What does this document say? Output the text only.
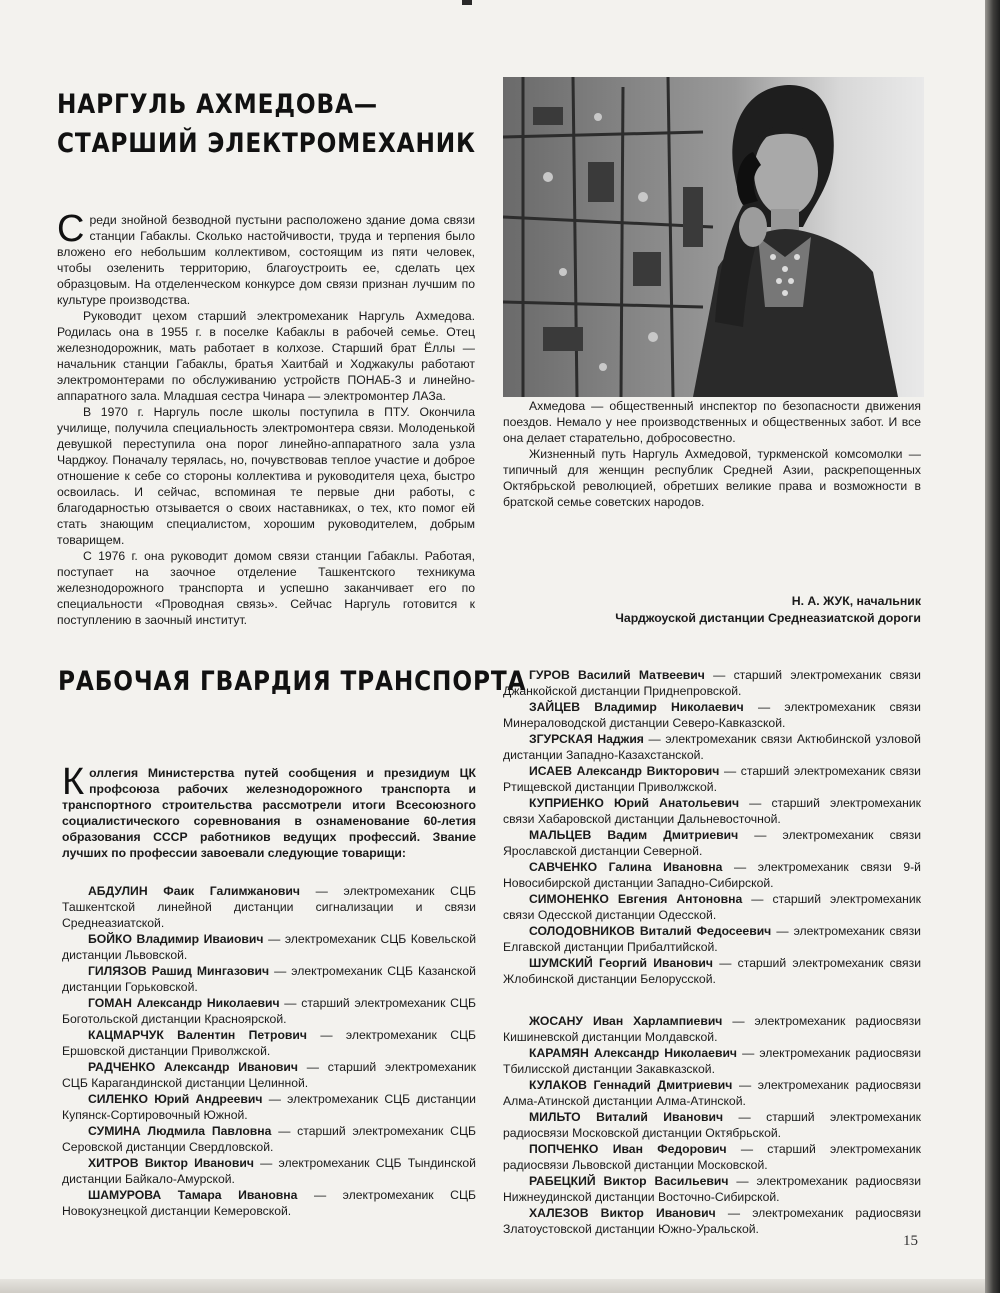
НАРГУЛЬ АХМЕДОВА—
СТАРШИЙ ЭЛЕКТРОМЕХАНИК

Среди знойной безводной пустыни расположено здание дома связи станции Габаклы. Сколько настойчивости, труда и терпения было вложено его небольшим коллективом, состоящим из пяти человек, чтобы озеленить территорию, благоустроить ее, сделать цех образцовым. На отделенческом конкурсе дом связи признан лучшим по культуре производства.

Руководит цехом старший электромеханик Наргуль Ахмедова. Родилась она в 1955 г. в поселке Кабаклы в рабочей семье. Отец железнодорожник, мать работает в колхозе. Старший брат Ёллы — начальник станции Габаклы, братья Хаитбай и Ходжакулы работают электромонтерами по обслуживанию устройств ПОНАБ-3 и линейно-аппаратного зала. Младшая сестра Чинара — электромонтер ЛАЗа.

В 1970 г. Наргуль после школы поступила в ПТУ. Окончила училище, получила специальность электромонтера связи. Молоденькой девушкой переступила она порог линейно-аппаратного зала узла Чарджоу. Поначалу терялась, но, почувствовав теплое участие и доброе отношение к себе со стороны коллектива и руководителя цеха, быстро освоилась. И сейчас, вспоминая те первые дни работы, с благодарностью отзывается о своих наставниках, о тех, кто помог ей стать знающим специалистом, хорошим руководителем, добрым товарищем.

С 1976 г. она руководит домом связи станции Габаклы. Работая, поступает на заочное отделение Ташкентского техникума железнодорожного транспорта и успешно заканчивает его по специальности «Проводная связь». Сейчас Наргуль готовится к поступлению в заочный институт.

Ахмедова — общественный инспектор по безопасности движения поездов. Немало у нее производственных и общественных забот. И все она делает старательно, добросовестно.

Жизненный путь Наргуль Ахмедовой, туркменской комсомолки — типичный для женщин республик Средней Азии, раскрепощенных Октябрьской революцией, обретших великие права и возможности в братской семье советских народов.

Н. А. ЖУК, начальник
Чарджоуской дистанции Среднеазиатской дороги
РАБОЧАЯ ГВАРДИЯ ТРАНСПОРТА

Коллегия Министерства путей сообщения и президиум ЦК профсоюза рабочих железнодорожного транспорта и транспортного строительства рассмотрели итоги Всесоюзного социалистического соревнования в ознаменование 60-летия образования СССР работников ведущих профессий. Звание лучших по профессии завоевали следующие товарищи:

АБДУЛИН Фаик Галимжанович — электромеханик СЦБ Ташкентской линейной дистанции сигнализации и связи Среднеазиатской.

БОЙКО Владимир Иваиович — электромеханик СЦБ Ковельской дистанции Львовской.

ГИЛЯЗОВ Рашид Мингазович — электромеханик СЦБ Казанской дистанции Горьковской.

ГОМАН Александр Николаевич — старший электромеханик СЦБ Боготольской дистанции Красноярской.

КАЦМАРЧУК Валентин Петрович — электромеханик СЦБ Ершовской дистанции Приволжской.

РАДЧЕНКО Александр Иванович — старший электромеханик СЦБ Карагандинской дистанции Целинной.

СИЛЕНКО Юрий Андреевич — электромеханик СЦБ дистанции Купянск-Сортировочный Южной.

СУМИНА Людмила Павловна — старший электромеханик СЦБ Серовской дистанции Свердловской.

ХИТРОВ Виктор Иванович — электромеханик СЦБ Тындинской дистанции Байкало-Амурской.

ШАМУРОВА Тамара Ивановна — электромеханик СЦБ Новокузнецкой дистанции Кемеровской.

ГУРОВ Василий Матвеевич — старший электромеханик связи Джанкойской дистанции Приднепровской.

ЗАЙЦЕВ Владимир Николаевич — электромеханик связи Минераловодской дистанции Северо-Кавказской.

ЗГУРСКАЯ Наджия — электромеханик связи Актюбинской узловой дистанции Западно-Казахстанской.

ИСАЕВ Александр Викторович — старший электромеханик связи Ртищевской дистанции Приволжской.

КУПРИЕНКО Юрий Анатольевич — старший электромеханик связи Хабаровской дистанции Дальневосточной.

МАЛЬЦЕВ Вадим Дмитриевич — электромеханик связи Ярославской дистанции Северной.

САВЧЕНКО Галина Ивановна — электромеханик связи 9-й Новосибирской дистанции Западно-Сибирской.

СИМОНЕНКО Евгения Антоновна — старший электромеханик связи Одесской дистанции Одесской.

СОЛОДОВНИКОВ Виталий Федосеевич — электромеханик связи Елгавской дистанции Прибалтийской.

ШУМСКИЙ Георгий Иванович — старший электромеханик связи Жлобинской дистанции Белорусской.

ЖОСАНУ Иван Харлампиевич — электромеханик радиосвязи Кишиневской дистанции Молдавской.

КАРАМЯН Александр Николаевич — электромеханик радиосвязи Тбилисской дистанции Закавказской.

КУЛАКОВ Геннадий Дмитриевич — электромеханик радиосвязи Алма-Атинской дистанции Алма-Атинской.

МИЛЬТО Виталий Иванович — старший электромеханик радиосвязи Московской дистанции Октябрьской.

ПОПЧЕНКО Иван Федорович — старший электромеханик радиосвязи Львовской дистанции Московской.

РАБЕЦКИЙ Виктор Васильевич — электромеханик радиосвязи Нижнеудинской дистанции Восточно-Сибирской.

ХАЛЕЗОВ Виктор Иванович — электромеханик радиосвязи Златоустовской дистанции Южно-Уральской.

15
